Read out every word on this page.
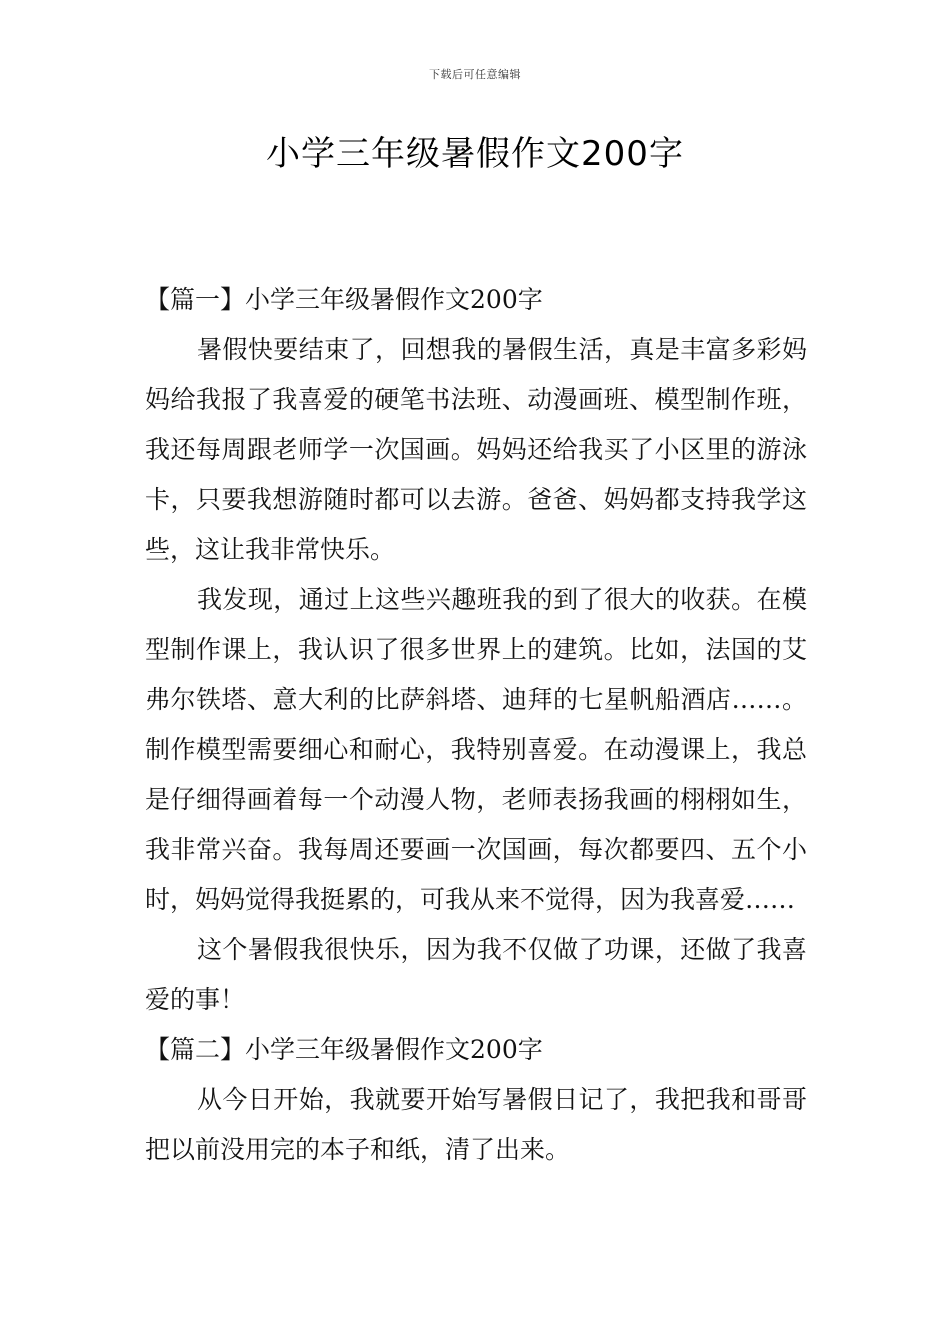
下载后可任意编辑
小学三年级暑假作文200字
【篇一】小学三年级暑假作文200字

暑假快要结束了，回想我的暑假生活，真是丰富多彩妈妈给我报了我喜爱的硬笔书法班、动漫画班、模型制作班，我还每周跟老师学一次国画。妈妈还给我买了小区里的游泳卡，只要我想游随时都可以去游。爸爸、妈妈都支持我学这些，这让我非常快乐。

我发现，通过上这些兴趣班我的到了很大的收获。在模型制作课上，我认识了很多世界上的建筑。比如，法国的艾弗尔铁塔、意大利的比萨斜塔、迪拜的七星帆船酒店……。制作模型需要细心和耐心，我特别喜爱。在动漫课上，我总是仔细得画着每一个动漫人物，老师表扬我画的栩栩如生，我非常兴奋。我每周还要画一次国画，每次都要四、五个小时，妈妈觉得我挺累的，可我从来不觉得，因为我喜爱……

这个暑假我很快乐，因为我不仅做了功课，还做了我喜爱的事！

【篇二】小学三年级暑假作文200字

从今日开始，我就要开始写暑假日记了，我把我和哥哥把以前没用完的本子和纸，清了出来。
